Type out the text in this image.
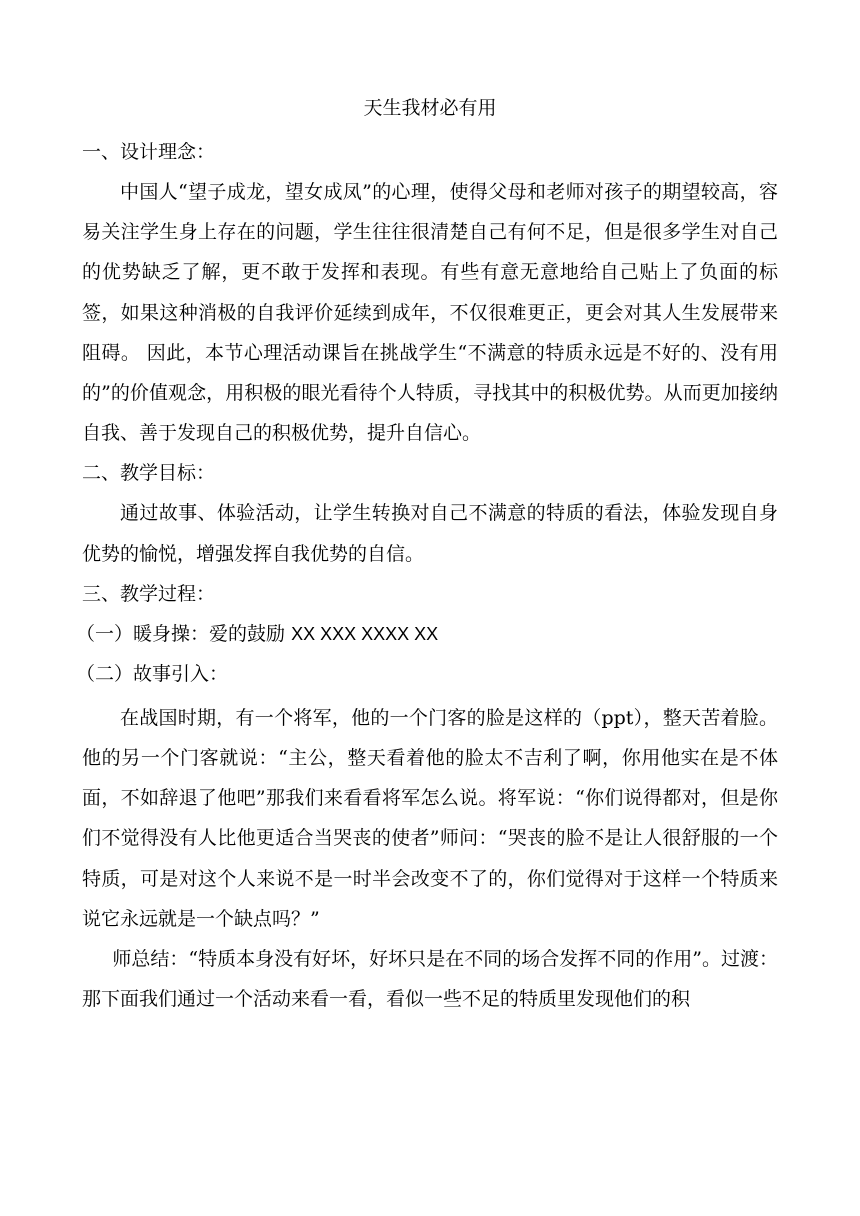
天生我材必有用
一、设计理念：

中国人“望子成龙，望女成凤”的心理，使得父母和老师对孩子的期望较高，容易关注学生身上存在的问题，学生往往很清楚自己有何不足，但是很多学生对自己的优势缺乏了解，更不敢于发挥和表现。有些有意无意地给自己贴上了负面的标签，如果这种消极的自我评价延续到成年，不仅很难更正，更会对其人生发展带来阻碍。 因此，本节心理活动课旨在挑战学生“不满意的特质永远是不好的、没有用的”的价值观念，用积极的眼光看待个人特质，寻找其中的积极优势。从而更加接纳自我、善于发现自己的积极优势，提升自信心。

二、教学目标：

通过故事、体验活动，让学生转换对自己不满意的特质的看法，体验发现自身优势的愉悦，增强发挥自我优势的自信。

三、教学过程：
（一）暖身操：爱的鼓励 XX XXX XXXX XX
（二）故事引入：

在战国时期，有一个将军，他的一个门客的脸是这样的（ppt），整天苦着脸。他的另一个门客就说：“主公，整天看着他的脸太不吉利了啊，你用他实在是不体面，不如辞退了他吧”那我们来看看将军怎么说。将军说：“你们说得都对，但是你们不觉得没有人比他更适合当哭丧的使者”师问：“哭丧的脸不是让人很舒服的一个特质，可是对这个人来说不是一时半会改变不了的，你们觉得对于这样一个特质来说它永远就是一个缺点吗？”

师总结：“特质本身没有好坏，好坏只是在不同的场合发挥不同的作用”。过渡：那下面我们通过一个活动来看一看，看似一些不足的特质里发现他们的积
